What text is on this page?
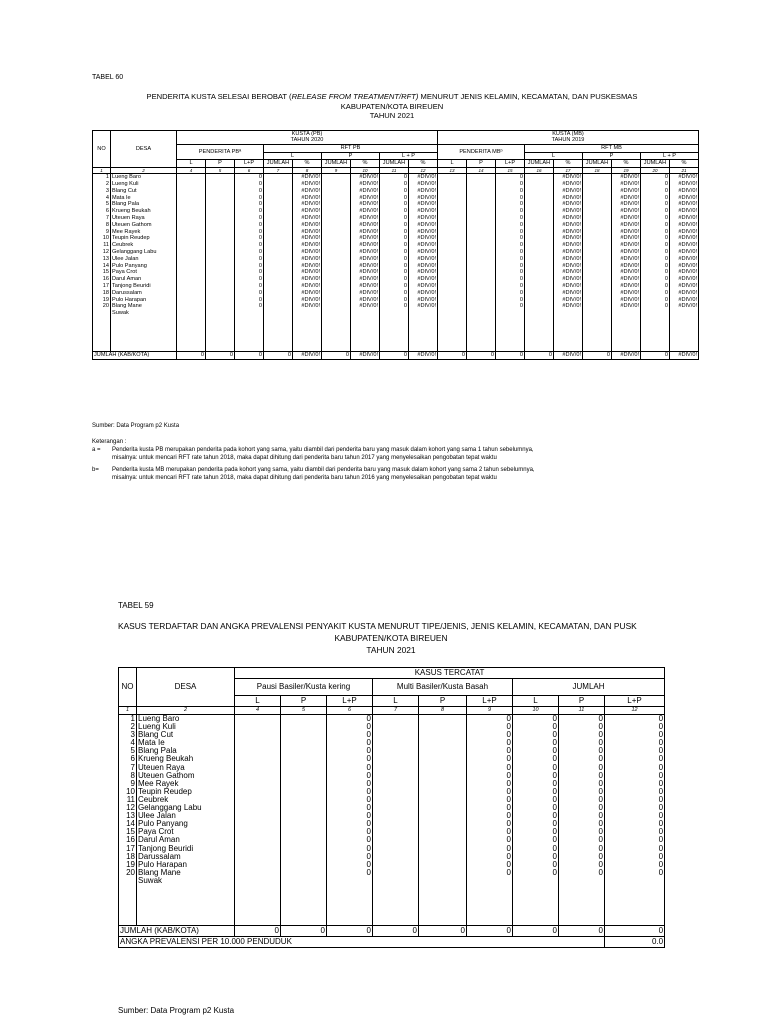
TABEL 60
PENDERITA KUSTA SELESAI BEROBAT (RELEASE FROM TREATMENT/RFT) MENURUT JENIS KELAMIN, KECAMATAN, DAN PUSKESMAS
KABUPATEN/KOTA BIREUEN
TAHUN 2021
NO	DESA	KUSTA (PB)
TAHUN 2020									KUSTA (MB)
TAHUN 2019								
		PENDERITA PBª			RFT PB						PENDERITA MBᵇ			RFT MB					
					L		P		L + P					L		P		L + P	
		L	P	L+P	JUMLAH	%	JUMLAH	%	JUMLAH	%	L	P	L+P	JUMLAH	%	JUMLAH	%	JUMLAH	%
1	2	4	5	6	7	8	9	10	11	12	13	14	15	16	17	18	19	20	21
1	Lueng Baro			0		#DIV/0!		#DIV/0!	0	#DIV/0!			0		#DIV/0!		#DIV/0!	0	#DIV/0!
2	Lueng Kuli			0		#DIV/0!		#DIV/0!	0	#DIV/0!			0		#DIV/0!		#DIV/0!	0	#DIV/0!
3	Blang Cut			0		#DIV/0!		#DIV/0!	0	#DIV/0!			0		#DIV/0!		#DIV/0!	0	#DIV/0!
4	Mata Ie			0		#DIV/0!		#DIV/0!	0	#DIV/0!			0		#DIV/0!		#DIV/0!	0	#DIV/0!
5	Blang Pala			0		#DIV/0!		#DIV/0!	0	#DIV/0!			0		#DIV/0!		#DIV/0!	0	#DIV/0!
6	Krueng Beukah			0		#DIV/0!		#DIV/0!	0	#DIV/0!			0		#DIV/0!		#DIV/0!	0	#DIV/0!
7	Uteuen Raya			0		#DIV/0!		#DIV/0!	0	#DIV/0!			0		#DIV/0!		#DIV/0!	0	#DIV/0!
8	Uteuen Gathom			0		#DIV/0!		#DIV/0!	0	#DIV/0!			0		#DIV/0!		#DIV/0!	0	#DIV/0!
9	Mee Rayek			0		#DIV/0!		#DIV/0!	0	#DIV/0!			0		#DIV/0!		#DIV/0!	0	#DIV/0!
10	Teupin Reudep			0		#DIV/0!		#DIV/0!	0	#DIV/0!			0		#DIV/0!		#DIV/0!	0	#DIV/0!
11	Ceubrek			0		#DIV/0!		#DIV/0!	0	#DIV/0!			0		#DIV/0!		#DIV/0!	0	#DIV/0!
12	Gelanggang Labu			0		#DIV/0!		#DIV/0!	0	#DIV/0!			0		#DIV/0!		#DIV/0!	0	#DIV/0!
13	Ulee Jalan			0		#DIV/0!		#DIV/0!	0	#DIV/0!			0		#DIV/0!		#DIV/0!	0	#DIV/0!
14	Pulo Panyang			0		#DIV/0!		#DIV/0!	0	#DIV/0!			0		#DIV/0!		#DIV/0!	0	#DIV/0!
15	Paya Crot			0		#DIV/0!		#DIV/0!	0	#DIV/0!			0		#DIV/0!		#DIV/0!	0	#DIV/0!
16	Darul Aman			0		#DIV/0!		#DIV/0!	0	#DIV/0!			0		#DIV/0!		#DIV/0!	0	#DIV/0!
17	Tanjong Beuridi			0		#DIV/0!		#DIV/0!	0	#DIV/0!			0		#DIV/0!		#DIV/0!	0	#DIV/0!
18	Darussalam			0		#DIV/0!		#DIV/0!	0	#DIV/0!			0		#DIV/0!		#DIV/0!	0	#DIV/0!
19	Pulo Harapan			0		#DIV/0!		#DIV/0!	0	#DIV/0!			0		#DIV/0!		#DIV/0!	0	#DIV/0!
20	Blang Mane			0		#DIV/0!		#DIV/0!	0	#DIV/0!			0		#DIV/0!		#DIV/0!	0	#DIV/0!
	Suwak																		

JUMLAH (KAB/KOTA)		0	0	0	0	#DIV/0!	0	#DIV/0!	0	#DIV/0!	0	0	0	0	#DIV/0!	0	#DIV/0!	0	#DIV/0!
Sumber: Data Program p2 Kusta
Keterangan :
a = Penderita kusta PB merupakan penderita pada kohort yang sama, yaitu diambil dari penderita baru yang masuk dalam kohort yang sama 1 tahun sebelumnya,
misalnya: untuk mencari RFT rate tahun 2018, maka dapat dihitung dari penderita baru tahun 2017 yang menyelesaikan pengobatan tepat waktu
b= Penderita kusta MB merupakan penderita pada kohort yang sama, yaitu diambil dari penderita baru yang masuk dalam kohort yang sama 2 tahun sebelumnya,
misalnya: untuk mencari RFT rate tahun 2018, maka dapat dihitung dari penderita baru tahun 2016 yang menyelesaikan pengobatan tepat waktu
TABEL 59
KASUS TERDAFTAR DAN ANGKA PREVALENSI PENYAKIT KUSTA MENURUT TIPE/JENIS, JENIS KELAMIN, KECAMATAN, DAN PUSK
KABUPATEN/KOTA BIREUEN
TAHUN 2021
NO	DESA	KASUS TERCATAT								
		Pausi Basiler/Kusta kering			Multi Basiler/Kusta Basah			JUMLAH		
		L	P	L+P	L	P	L+P	L	P	L+P
1	2	4	5	6	7	8	9	10	11	12
1	Lueng Baro			0			0	0	0	0
2	Lueng Kuli			0			0	0	0	0
3	Blang Cut			0			0	0	0	0
4	Mata Ie			0			0	0	0	0
5	Blang Pala			0			0	0	0	0
6	Krueng Beukah			0			0	0	0	0
7	Uteuen Raya			0			0	0	0	0
8	Uteuen Gathom			0			0	0	0	0
9	Mee Rayek			0			0	0	0	0
10	Teupin Reudep			0			0	0	0	0
11	Ceubrek			0			0	0	0	0
12	Gelanggang Labu			0			0	0	0	0
13	Ulee Jalan			0			0	0	0	0
14	Pulo Panyang			0			0	0	0	0
15	Paya Crot			0			0	0	0	0
16	Darul Aman			0			0	0	0	0
17	Tanjong Beuridi			0			0	0	0	0
18	Darussalam			0			0	0	0	0
19	Pulo Harapan			0			0	0	0	0
20	Blang Mane			0			0	0	0	0
	Suwak									

JUMLAH (KAB/KOTA)		0	0	0	0	0	0	0	0	0
ANGKA PREVALENSI PER 10.000 PENDUDUK										0.0
Sumber: Data Program p2 Kusta
